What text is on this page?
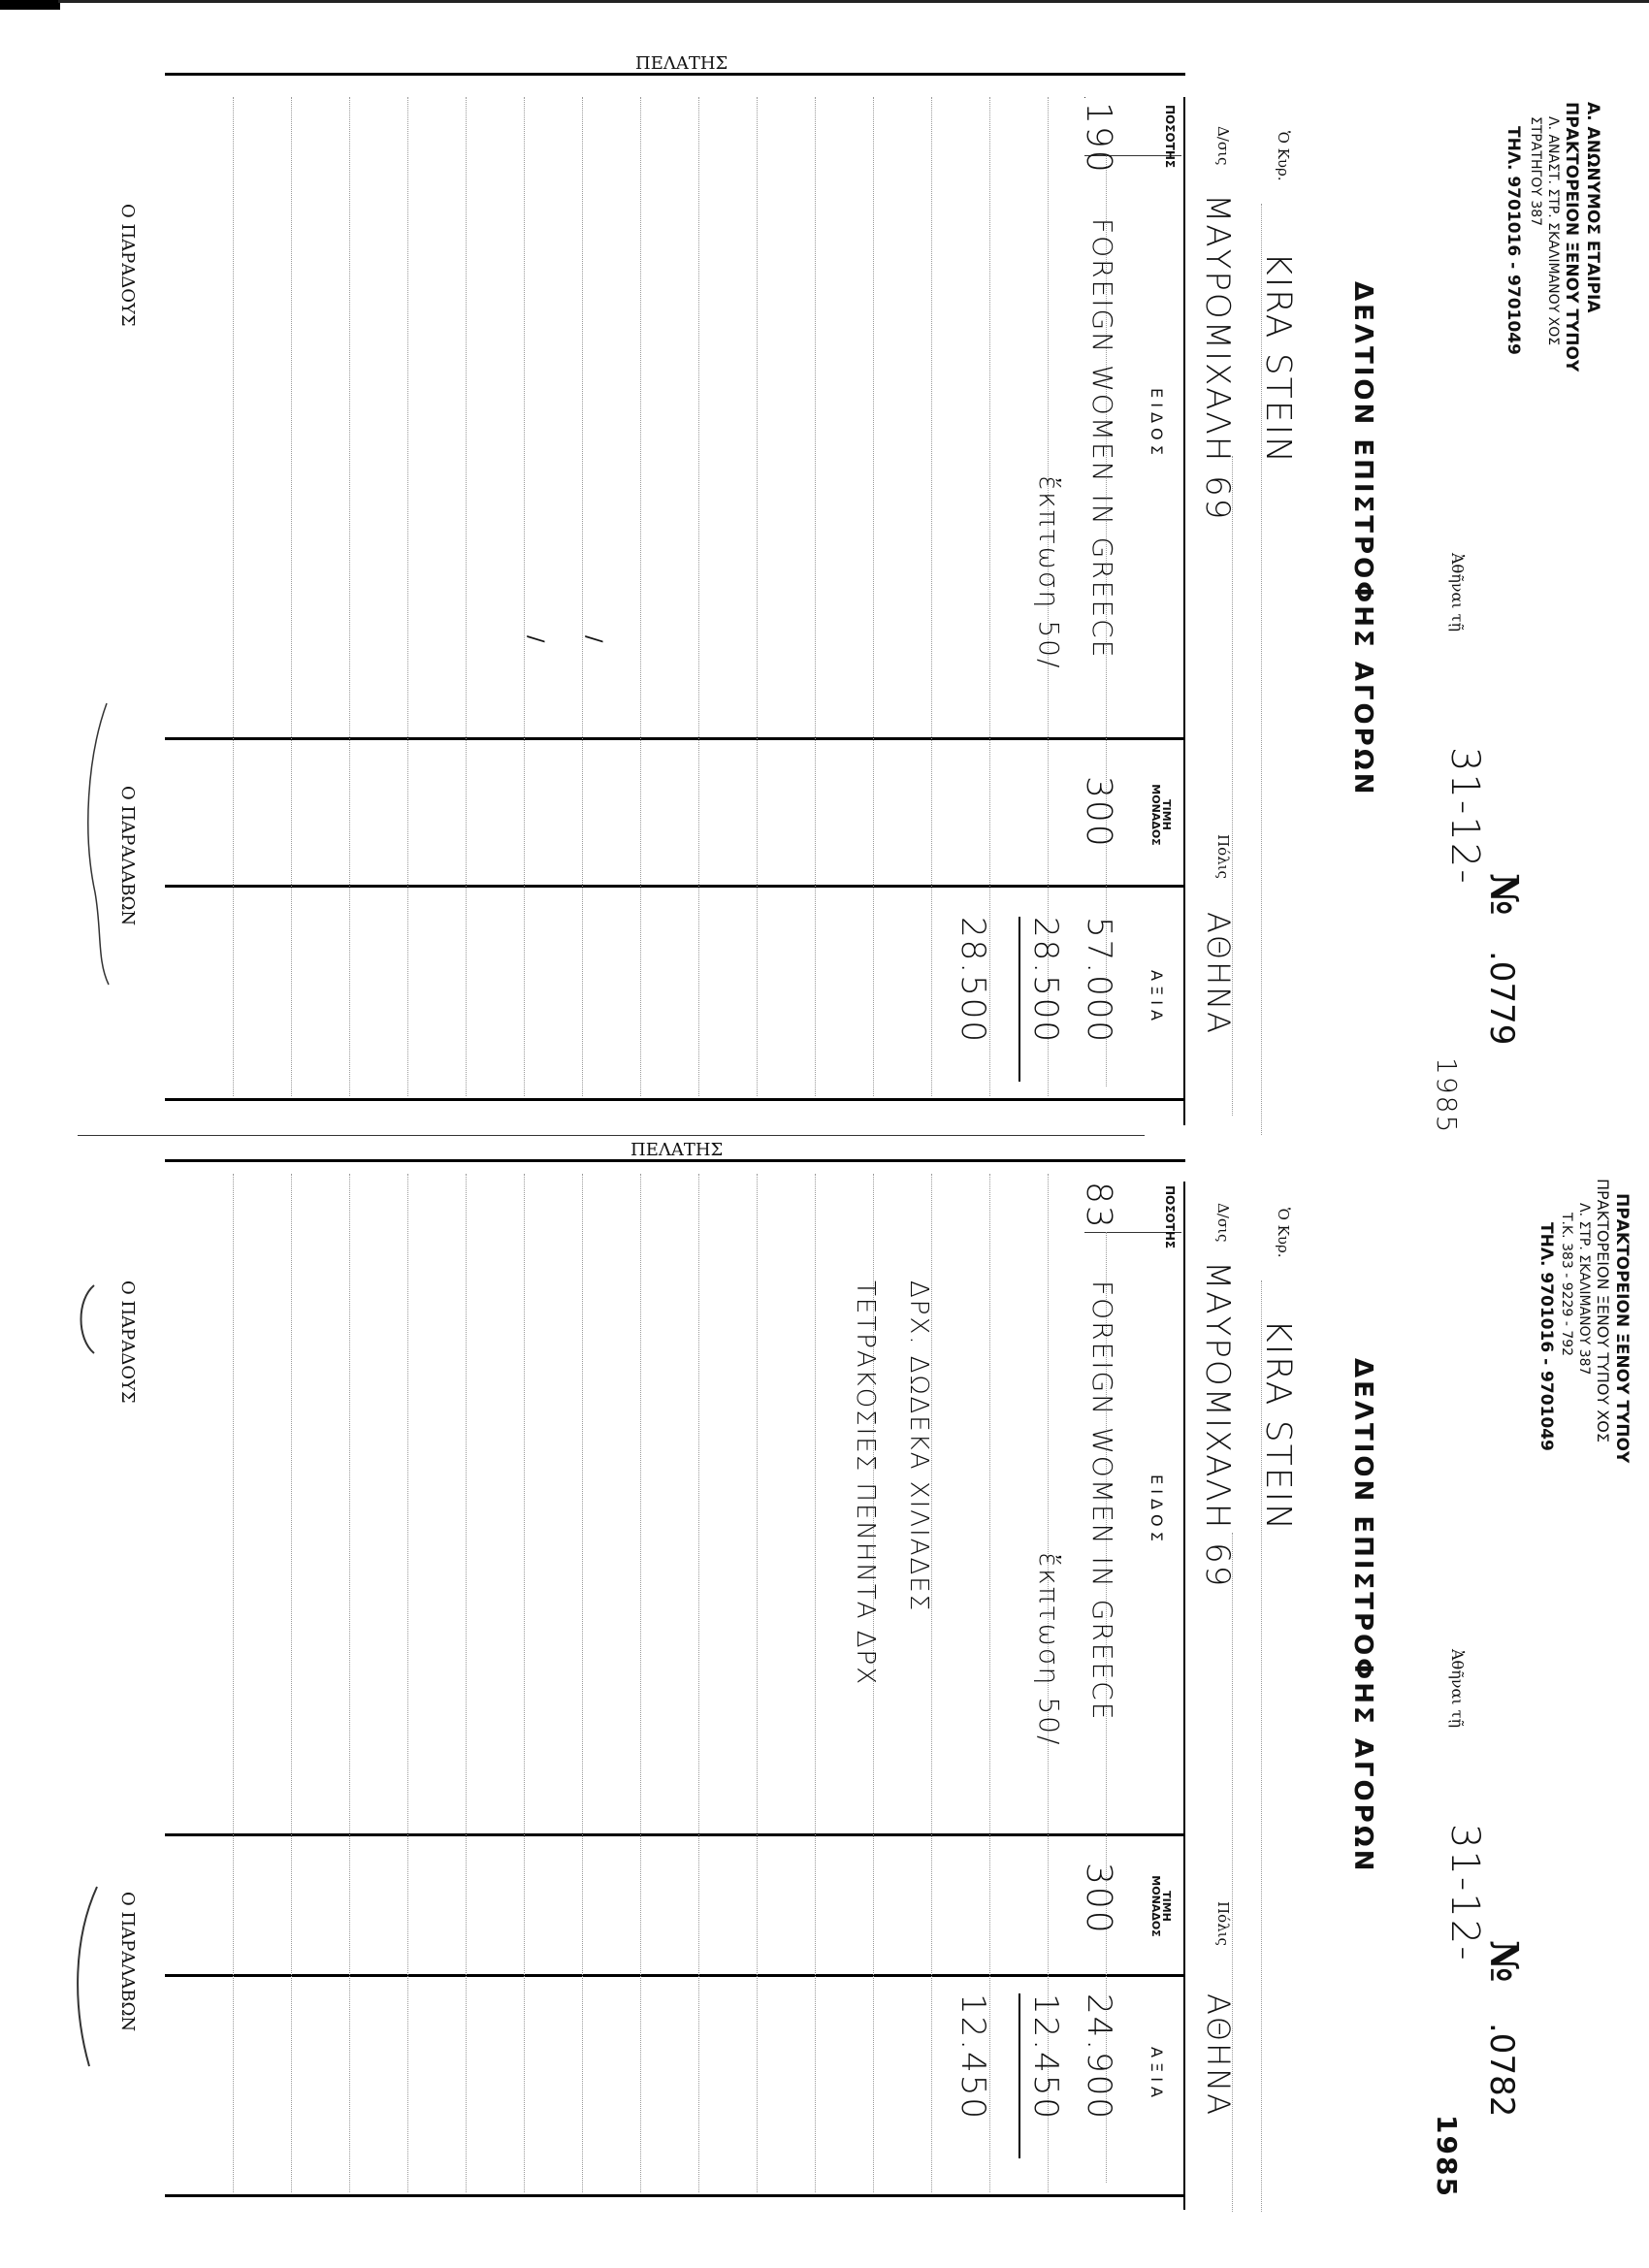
Α. ΑΝΩΝΥΜΟΣ ΕΤΑΙΡΙΑ
ΠΡΑΚΤΟΡΕΙΟΝ ΞΕΝΟΥ ΤΥΠΟΥ
Λ. ΑΝΑΣΤ. ΣΤΡ. ΣΚΑΛΙΜΑΝΟΥ ΧΟΣ
ΣΤΡΑΤΗΓΟΥ 387
ΤΗΛ. 9701016 - 9701049
Ἀθῆναι τῇ
31-12-
1985
№
.0779
ΔΕΛΤΙΟΝ ΕΠΙΣΤΡΟΦΗΣ ΑΓΟΡΩΝ
Ὁ Κυρ.
KIRA STEIN
Δ/σις
ΜΑΥΡΟΜΙΧΑΛΗ 69
Πόλις
ΑΘΗΝΑ
ΠΟΣΟΤΗΣ
Ε Ι Δ Ο Σ
ΤΙΜΗ ΜΟΝΑΔΟΣ
Α Ξ Ι Α
190
FOREIGN WOMEN IN GREECE
300
57.000
ἔκπτωση 50/
28.500
28.500
/ /
ΠΕΛΑΤΗΣ
Ο ΠΑΡΑΔΟΥΣ
Ο ΠΑΡΑΛΑΒΩΝ
ΠΡΑΚΤΟΡΕΙΟΝ ΞΕΝΟΥ ΤΥΠΟΥ
ΠΡΑΚΤΟΡΕΙΟΝ ΞΕΝΟΥ ΤΥΠΟΥ ΧΟΣ
Λ. ΣΤΡ. ΣΚΑΛΙΜΑΝΟΥ 387
Τ.Κ. 383 - 9229 - 792
ΤΗΛ. 9701016 - 9701049
Ἀθῆναι τῇ
31-12-
1985
№
.0782
ΔΕΛΤΙΟΝ ΕΠΙΣΤΡΟΦΗΣ ΑΓΟΡΩΝ
Ὁ Κυρ.
KIRA STEIN
Δ/σις
ΜΑΥΡΟΜΙΧΑΛΗ 69
Πόλις
ΑΘΗΝΑ
ΠΟΣΟΤΗΣ
Ε Ι Δ Ο Σ
ΤΙΜΗ ΜΟΝΑΔΟΣ
Α Ξ Ι Α
83
FOREIGN WOMEN IN GREECE
300
24.900
ἔκπτωση 50/
12.450
12.450
ΔΡΧ. ΔΩΔΕΚΑ ΧΙΛΙΑΔΕΣ
ΤΕΤΡΑΚΟΣΙΕΣ ΠΕΝΗΝΤΑ ΔΡΧ
ΠΕΛΑΤΗΣ
Ο ΠΑΡΑΔΟΥΣ
Ο ΠΑΡΑΛΑΒΩΝ
